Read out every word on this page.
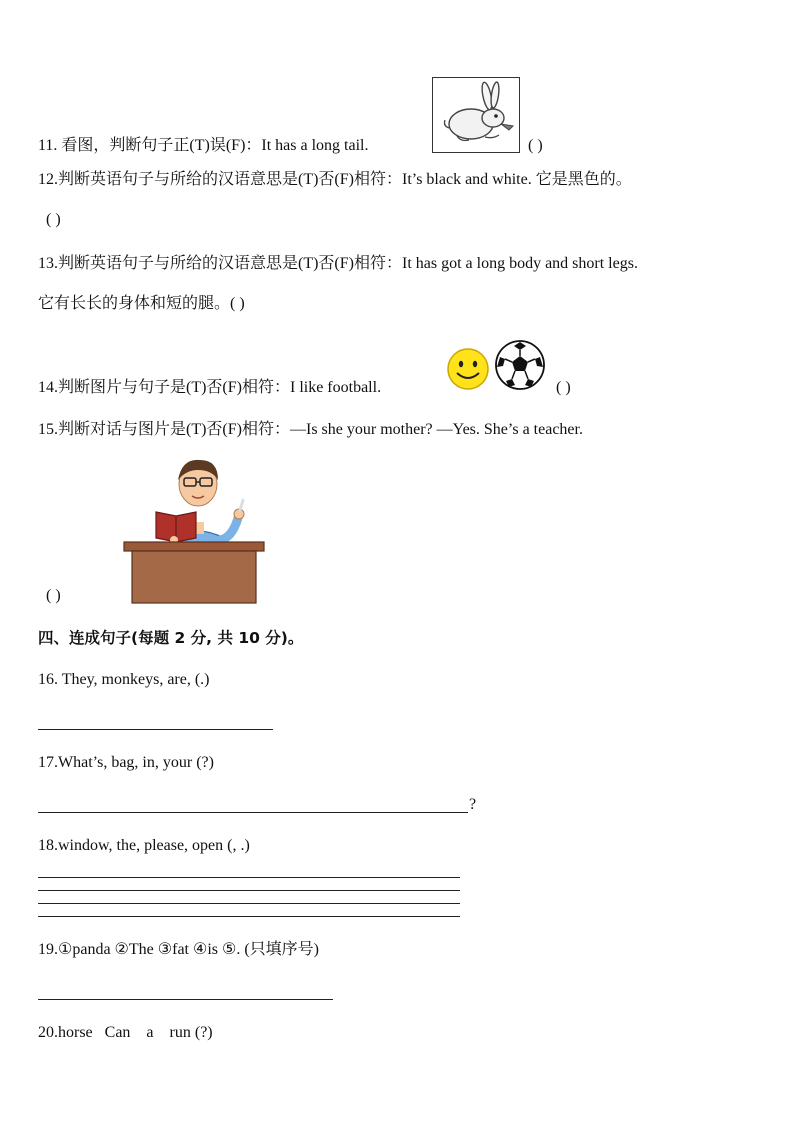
11. 看图，判断句子正(T)误(F)：It has a long tail.	( )
12.判断英语句子与所给的汉语意思是(T)否(F)相符：It’s black and white. 它是黑色的。
( )
13.判断英语句子与所给的汉语意思是(T)否(F)相符：It has got a long body and short legs.
它有长长的身体和短的腿。( )
14.判断图片与句子是(T)否(F)相符：I like football.	( )
15.判断对话与图片是(T)否(F)相符：—Is she your mother? —Yes. She’s a teacher.
( )
四、连成句子(每题 2 分, 共 10 分)。
16. They, monkeys, are, (.)
17.What’s, bag, in, your (?)
?
18.window, the, please, open (, .)
19.①panda ②The ③fat ④is ⑤. (只填序号)
20.horse   Can    a    run (?)
